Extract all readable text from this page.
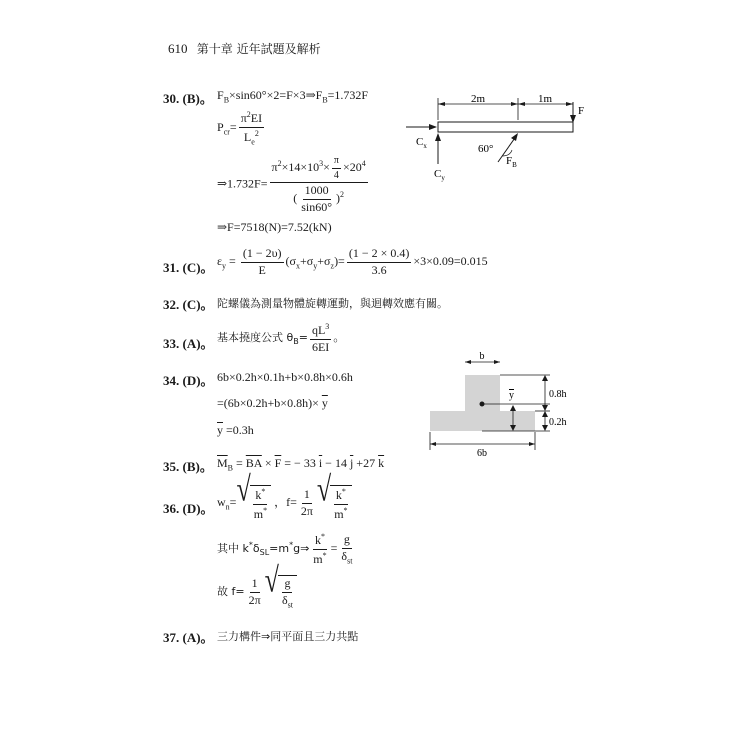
610 第十章 近年試題及解析
30. (B)。 $F_B\times\sin 60^\circ\times 2=F\times 3\Rightarrow F_B=1.732F$
$P_{cr}= \frac{\pi^2EI}{L_e^2}$
⇒1.732F= $\frac{\pi^2\times 14\times 10^3\times \frac{\pi}{4} \times 20^4}{( \frac{1000}{\sin 60^\circ} )^2}$
⇒F=7518(N)=7.52(kN)
2m	1m
F
$C_x$
$C_y$
60°
$F_B$
31. (C)。 $\varepsilon_y = \frac{(1 - 2\upsilon)}{E} (\sigma_x+\sigma_y+\sigma_z)= \frac{(1 - 2 \times 0.4)}{3.6} \times 3\times 0.09=0.015$
32. (C)。 陀螺儀為測量物體旋轉運動，與迴轉效應有關。
33. (A)。 基本撓度公式 $\theta_B= \frac{qL^3}{6EI}$ 。
34. (D)。 6b×0.2h×0.1h+b×0.8h×0.6h
$=(6b\times 0.2h+b\times 0.8h)\times \overline{y}$
$\overline{y} =0.3h$
b
y	0.8h
0.2h
6b
35. (B)。 $\overline{M}_B = \overline{BA} \times \overline{F}$ = − 33 $\overline{i} - 14$ $\overline{j} +27$ $\overline{k}$
36. (D)。 $w_n=$ √ $\frac{k^*}{m^*}$ ，$f= \frac{1}{2\pi}$ √ $\frac{k^*}{m^*}$
其中 $k^*\delta_{SL}=m^*g\Rightarrow \frac{k^*}{m^*} = \frac{g}{\delta_{st}}$
故 $f= \frac{1}{2\pi}$ √ $\frac{g}{\delta_{st}}$
37. (A)。 三力構件⇒同平面且三力共點
